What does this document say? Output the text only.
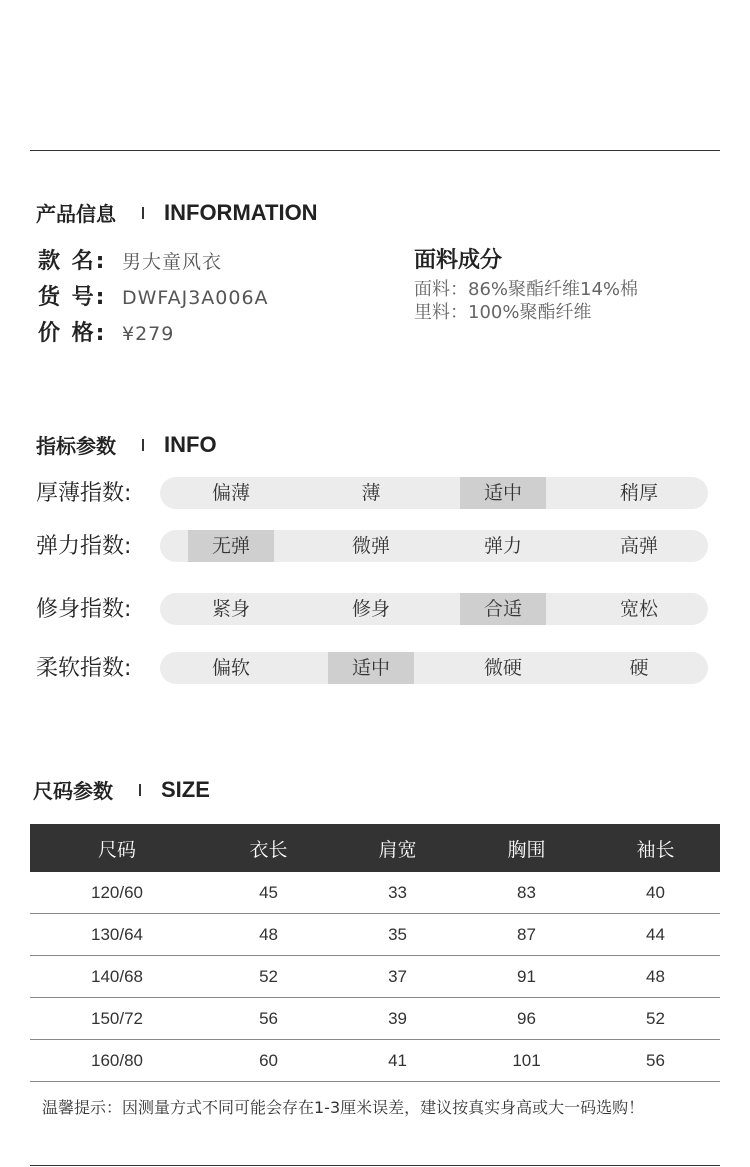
产品信息 INFORMATION
款 名: 男大童风衣
货 号: DWFAJ3A006A
价 格: ¥279
面料成分
面料：86%聚酯纤维14%棉
里料：100%聚酯纤维
指标参数 INFO
厚薄指数:	偏薄	薄	适中	稍厚
弹力指数:	无弹	微弹	弹力	高弹
修身指数:	紧身	修身	合适	宽松
柔软指数:	偏软	适中	微硬	硬
尺码参数 SIZE
尺码	衣长	肩宽	胸围	袖长
120/60	45	33	83	40
130/64	48	35	87	44
140/68	52	37	91	48
150/72	56	39	96	52
160/80	60	41	101	56
温馨提示：因测量方式不同可能会存在1-3厘米误差，建议按真实身高或大一码选购！
